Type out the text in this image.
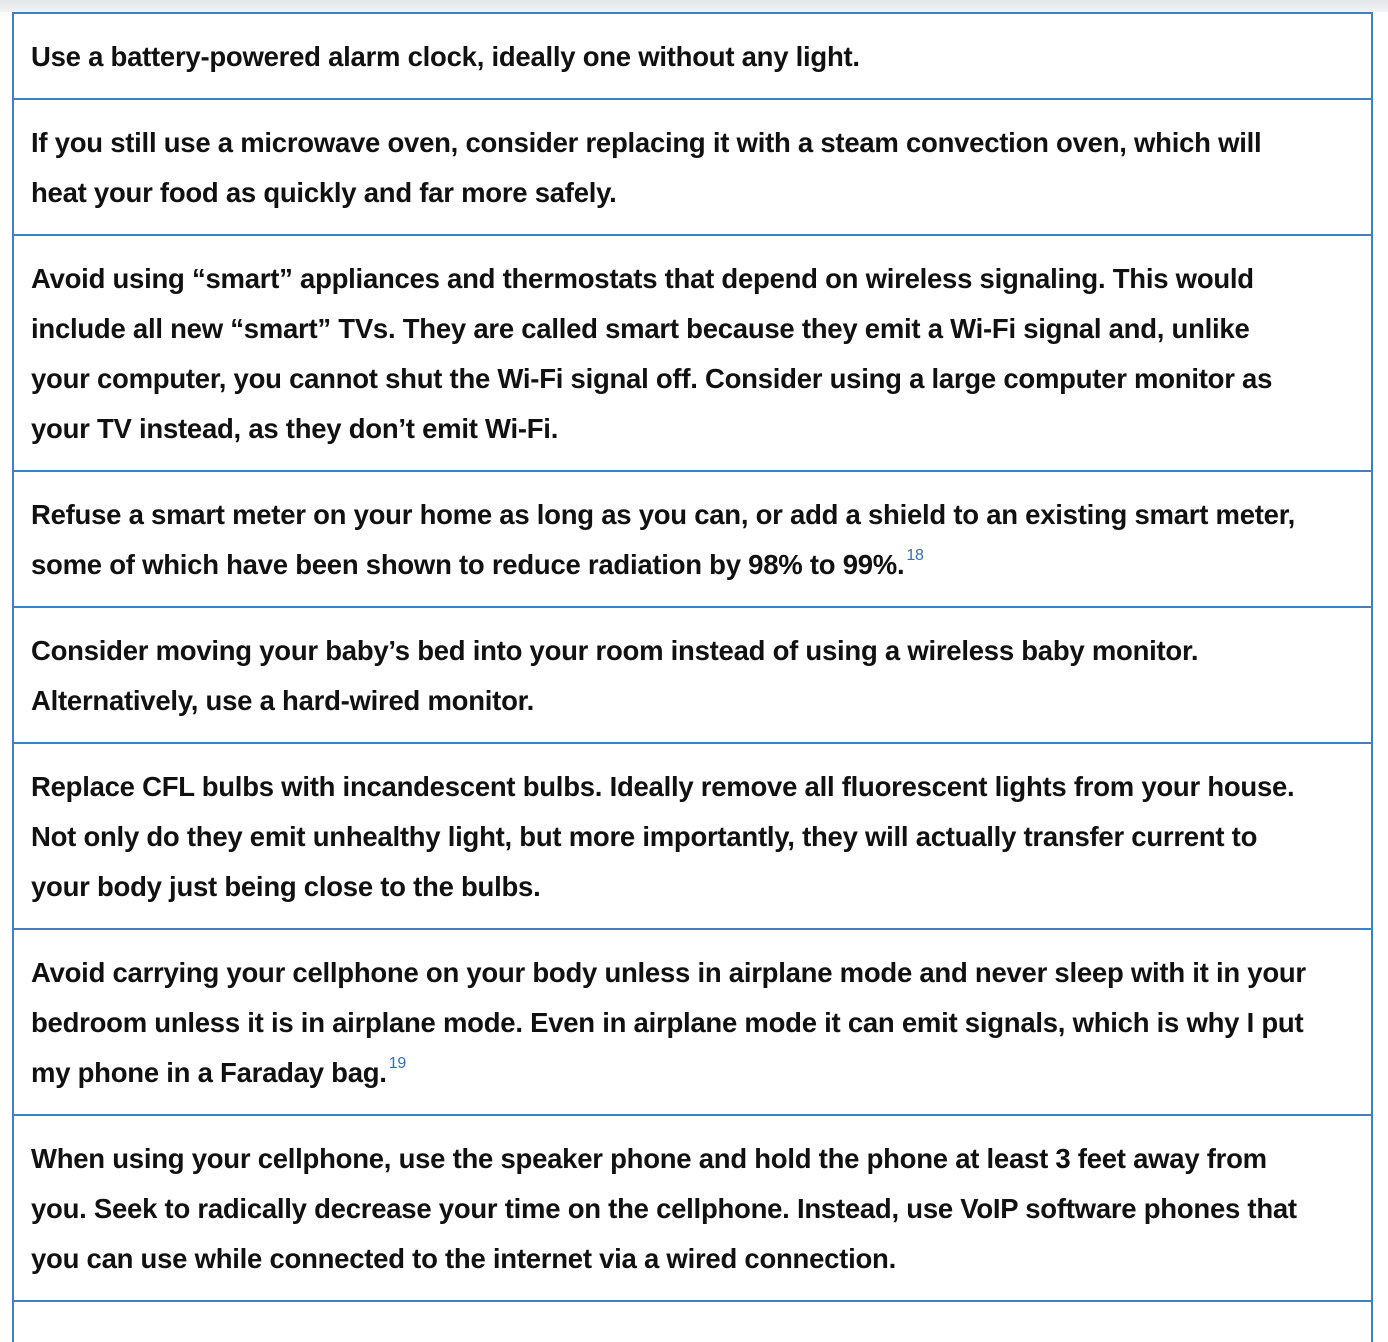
Use a battery-powered alarm clock, ideally one without any light.
If you still use a microwave oven, consider replacing it with a steam convection oven, which will
heat your food as quickly and far more safely.
Avoid using “smart” appliances and thermostats that depend on wireless signaling. This would
include all new “smart” TVs. They are called smart because they emit a Wi-Fi signal and, unlike
your computer, you cannot shut the Wi-Fi signal off. Consider using a large computer monitor as
your TV instead, as they don’t emit Wi-Fi.
Refuse a smart meter on your home as long as you can, or add a shield to an existing smart meter,
some of which have been shown to reduce radiation by 98% to 99%. $^{18}$
Consider moving your baby’s bed into your room instead of using a wireless baby monitor.
Alternatively, use a hard-wired monitor.
Replace CFL bulbs with incandescent bulbs. Ideally remove all fluorescent lights from your house.
Not only do they emit unhealthy light, but more importantly, they will actually transfer current to
your body just being close to the bulbs.
Avoid carrying your cellphone on your body unless in airplane mode and never sleep with it in your
bedroom unless it is in airplane mode. Even in airplane mode it can emit signals, which is why I put
my phone in a Faraday bag. $^{19}$
When using your cellphone, use the speaker phone and hold the phone at least 3 feet away from
you. Seek to radically decrease your time on the cellphone. Instead, use VoIP software phones that
you can use while connected to the internet via a wired connection.
